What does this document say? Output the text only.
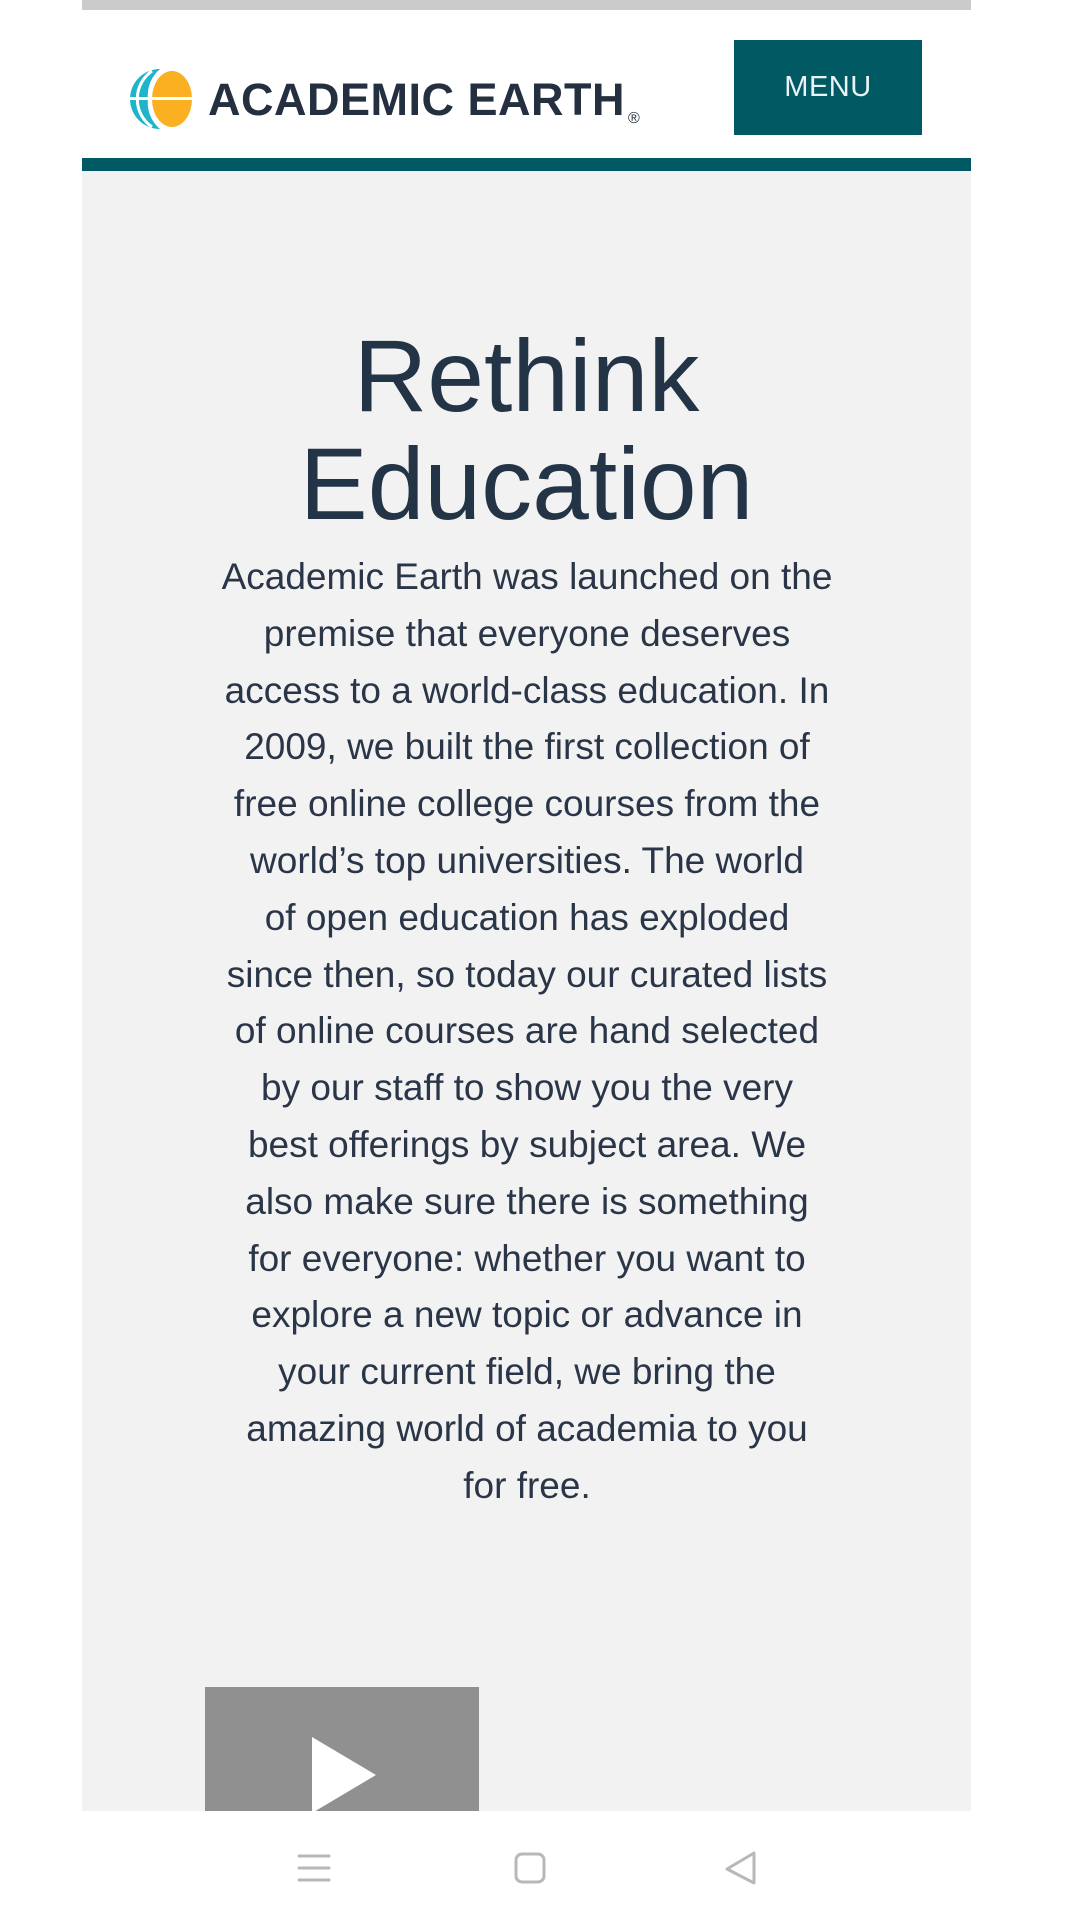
ACADEMIC EARTH ®
MENU
Rethink
Education

Academic Earth was launched on the
premise that everyone deserves
access to a world-class education. In
2009, we built the first collection of
free online college courses from the
world’s top universities. The world
of open education has exploded
since then, so today our curated lists
of online courses are hand selected
by our staff to show you the very
best offerings by subject area. We
also make sure there is something
for everyone: whether you want to
explore a new topic or advance in
your current field, we bring the
amazing world of academia to you
for free.
